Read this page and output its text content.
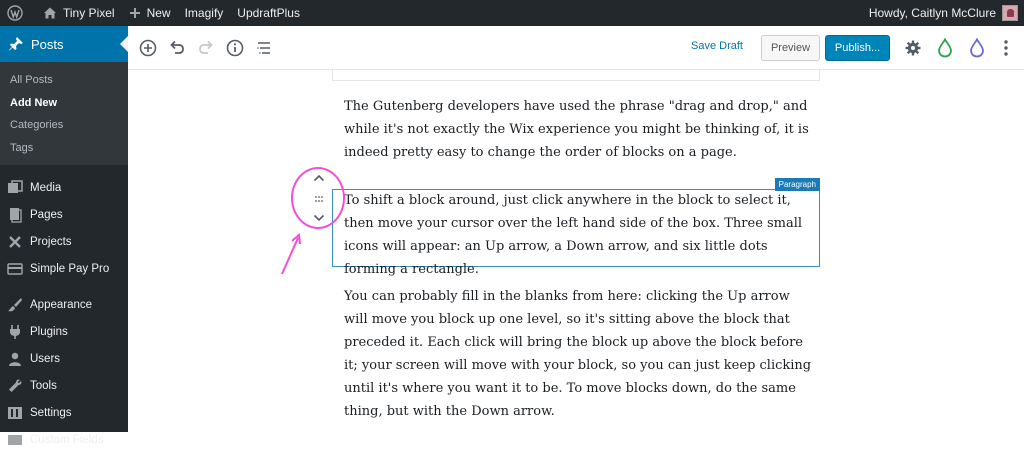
Tiny Pixel	New Imagify UpdraftPlus	Howdy, Caitlyn McClure
Posts
All Posts
Add New
Categories
Tags
Media
Pages
Projects
Simple Pay Pro
Appearance
Plugins
Users
Tools
Settings
Custom Fields
Save Draft	Preview	Publish...

The Gutenberg developers have used the phrase "drag and drop," and while it's not exactly the Wix experience you might be thinking of, it is indeed pretty easy to change the order of blocks on a page.

Paragraph

To shift a block around, just click anywhere in the block to select it, then move your cursor over the left hand side of the box. Three small icons will appear: an Up arrow, a Down arrow, and six little dots forming a rectangle.

You can probably fill in the blanks from here: clicking the Up arrow will move you block up one level, so it's sitting above the block that preceded it. Each click will bring the block up above the block before it; your screen will move with your block, so you can just keep clicking until it's where you want it to be. To move blocks down, do the same thing, but with the Down arrow.
